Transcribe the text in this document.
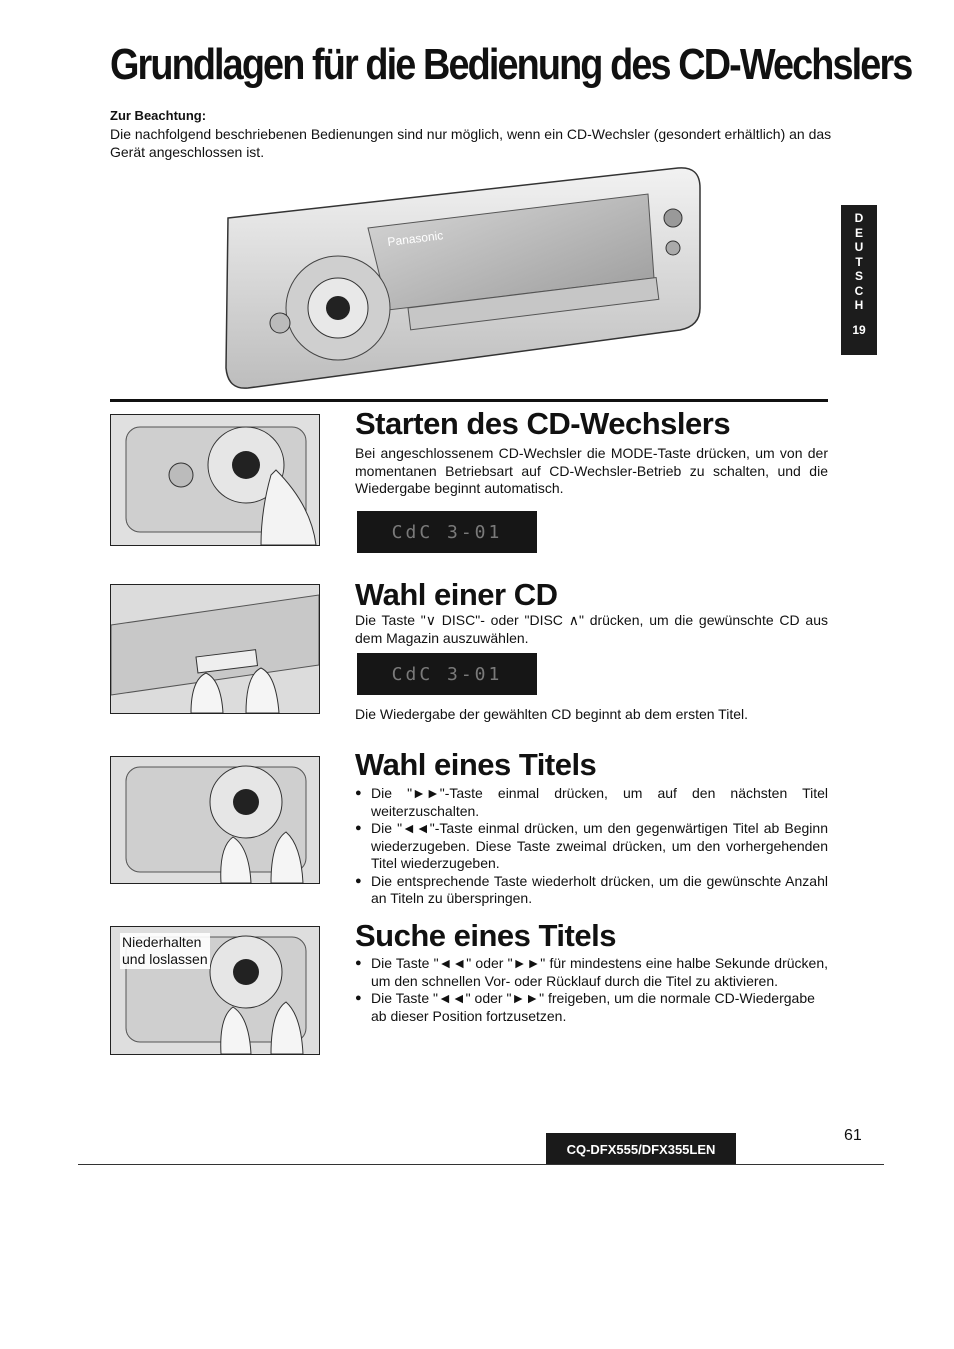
Grundlagen für die Bedienung des CD-Wechslers
Zur Beachtung:
Die nachfolgend beschriebenen Bedienungen sind nur möglich, wenn ein CD-Wechsler (gesondert erhältlich) an das Gerät angeschlossen ist.
DEUTSCH
19
Panasonic
Starten des CD-Wechslers
Bei angeschlossenem CD-Wechsler die MODE-Taste drücken, um von der momentanen Betriebsart auf CD-Wechsler-Betrieb zu schalten, und die Wiedergabe beginnt automatisch.
CdC 3-01
Wahl einer CD
Die Taste "∨ DISC"- oder "DISC ∧" drücken, um die gewünschte CD aus dem Magazin auszuwählen.
CdC 3-01
Die Wiedergabe der gewählten CD beginnt ab dem ersten Titel.
Wahl eines Titels
● Die "►►"-Taste einmal drücken, um auf den nächsten Titel weiterzuschalten.
● Die "◄◄"-Taste einmal drücken, um den gegenwärtigen Titel ab Beginn wiederzugeben. Diese Taste zweimal drücken, um den vorhergehenden Titel wiederzugeben.
● Die entsprechende Taste wiederholt drücken, um die gewünschte Anzahl an Titeln zu überspringen.
Niederhalten
und loslassen
Suche eines Titels
● Die Taste "◄◄" oder "►►" für mindestens eine halbe Sekunde drücken, um den schnellen Vor- oder Rücklauf durch die Titel zu aktivieren.
● Die Taste "◄◄" oder "►►" freigeben, um die normale CD-Wiedergabe ab dieser Position fortzusetzen.
CQ-DFX555/DFX355LEN
61
